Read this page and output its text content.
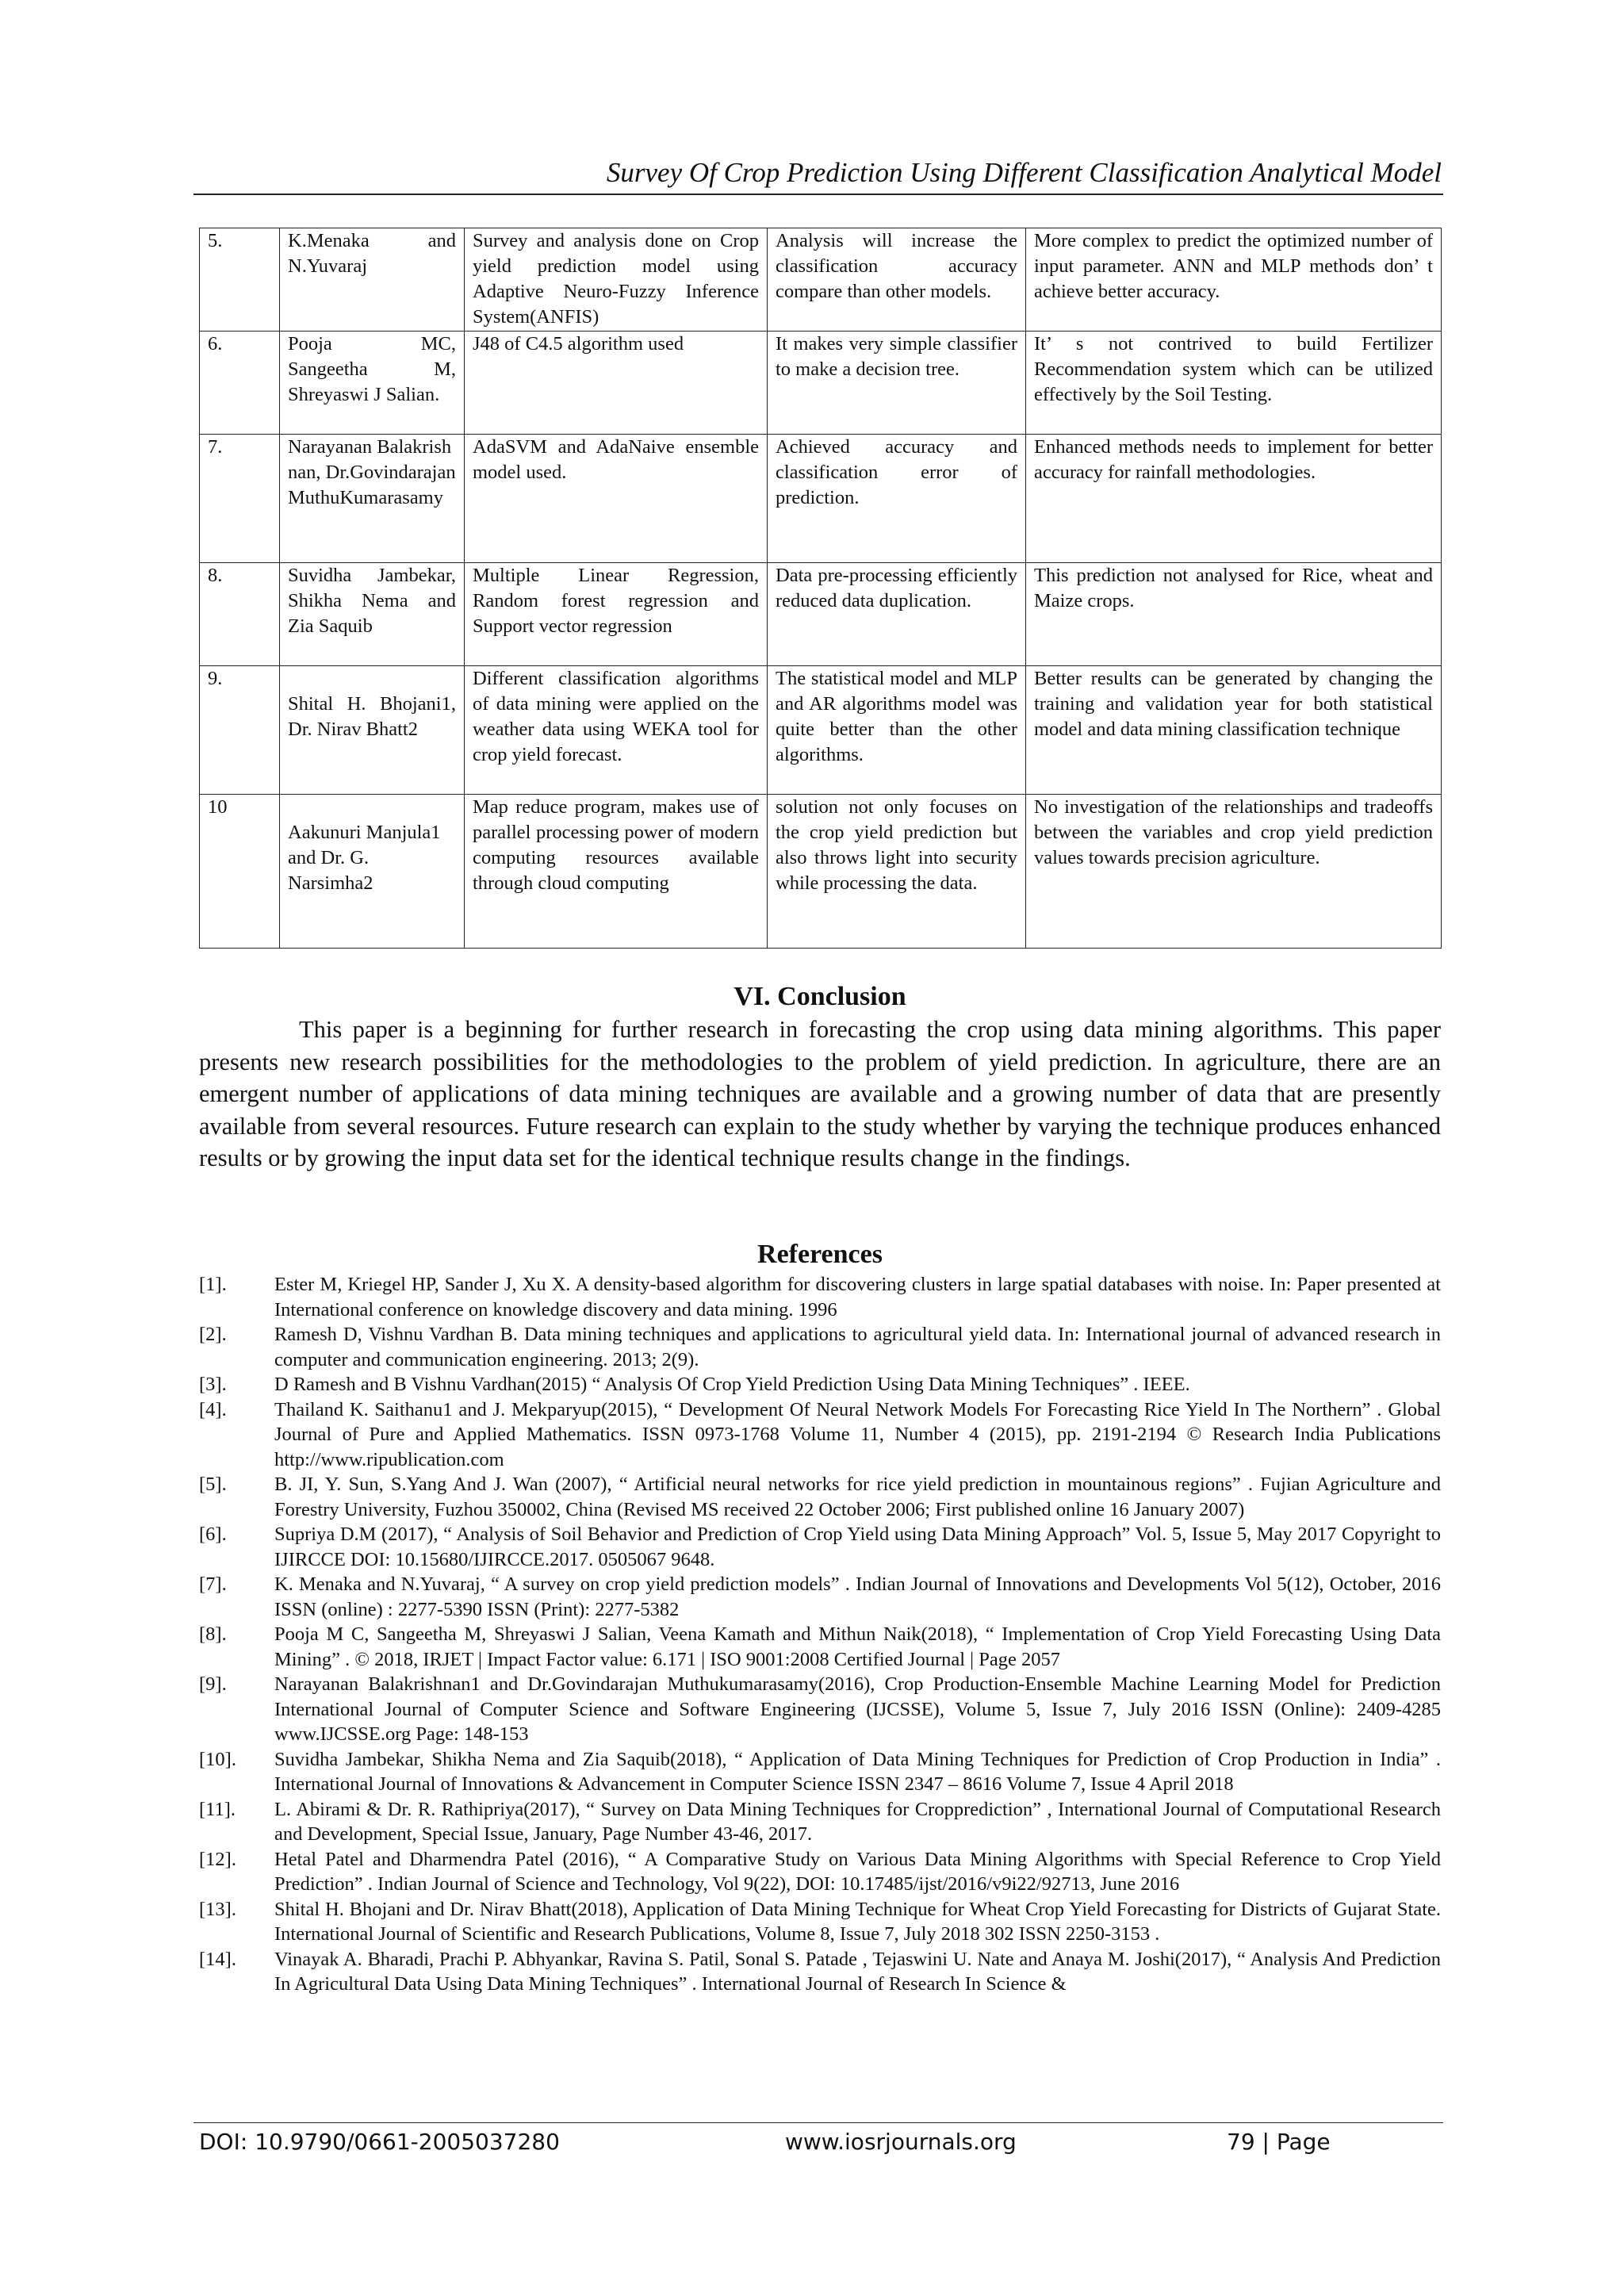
Survey Of Crop Prediction Using Different Classification Analytical Model
5.	K.Menaka and N.Yuvaraj	Survey and analysis done on Crop yield prediction model using Adaptive Neuro-Fuzzy Inference System(ANFIS)	Analysis will increase the classification accuracy compare than other models.	More complex to predict the optimized number of input parameter. ANN and MLP methods don’ t achieve better accuracy.
6.	Pooja MC, Sangeetha M, Shreyaswi J Salian.	J48 of C4.5 algorithm used	It makes very simple classifier to make a decision tree.	It’ s not contrived to build Fertilizer Recommendation system which can be utilized effectively by the Soil Testing.
7.	Narayanan Balakrishnan, Dr.Govindarajan MuthuKumarasamy	AdaSVM and AdaNaive ensemble model used.	Achieved accuracy and classification error of prediction.	Enhanced methods needs to implement for better accuracy for rainfall methodologies.
8.	Suvidha Jambekar, Shikha Nema and Zia Saquib	Multiple Linear Regression, Random forest regression and Support vector regression	Data pre-processing efficiently reduced data duplication.	This prediction not analysed for Rice, wheat and Maize crops.
9.	Shital H. Bhojani1, Dr. Nirav Bhatt2	Different classification algorithms of data mining were applied on the weather data using WEKA tool for crop yield forecast.	The statistical model and MLP and AR algorithms model was quite better than the other algorithms.	Better results can be generated by changing the training and validation year for both statistical model and data mining classification technique
10	Aakunuri Manjula1 and Dr. G. Narsimha2	Map reduce program, makes use of parallel processing power of modern computing resources available through cloud computing	solution not only focuses on the crop yield prediction but also throws light into security while processing the data.	No investigation of the relationships and tradeoffs between the variables and crop yield prediction values towards precision agriculture.
VI. Conclusion

This paper is a beginning for further research in forecasting the crop using data mining algorithms. This paper presents new research possibilities for the methodologies to the problem of yield prediction. In agriculture, there are an emergent number of applications of data mining techniques are available and a growing number of data that are presently available from several resources. Future research can explain to the study whether by varying the technique produces enhanced results or by growing the input data set for the identical technique results change in the findings.

References
[1]. Ester M, Kriegel HP, Sander J, Xu X. A density-based algorithm for discovering clusters in large spatial databases with noise. In: Paper presented at International conference on knowledge discovery and data mining. 1996
[2]. Ramesh D, Vishnu Vardhan B. Data mining techniques and applications to agricultural yield data. In: International journal of advanced research in computer and communication engineering. 2013; 2(9).
[3]. D Ramesh and B Vishnu Vardhan(2015) “ Analysis Of Crop Yield Prediction Using Data Mining Techniques” . IEEE.
[4]. Thailand K. Saithanu1 and J. Mekparyup(2015), “ Development Of Neural Network Models For Forecasting Rice Yield In The Northern” . Global Journal of Pure and Applied Mathematics. ISSN 0973-1768 Volume 11, Number 4 (2015), pp. 2191-2194 © Research India Publications http://www.ripublication.com
[5]. B. JI, Y. Sun, S.Yang And J. Wan (2007), “ Artificial neural networks for rice yield prediction in mountainous regions” . Fujian Agriculture and Forestry University, Fuzhou 350002, China (Revised MS received 22 October 2006; First published online 16 January 2007)
[6]. Supriya D.M (2017), “ Analysis of Soil Behavior and Prediction of Crop Yield using Data Mining Approach” Vol. 5, Issue 5, May 2017 Copyright to IJIRCCE DOI: 10.15680/IJIRCCE.2017. 0505067 9648.
[7]. K. Menaka and N.Yuvaraj, “ A survey on crop yield prediction models” . Indian Journal of Innovations and Developments Vol 5(12), October, 2016 ISSN (online) : 2277-5390 ISSN (Print): 2277-5382
[8]. Pooja M C, Sangeetha M, Shreyaswi J Salian, Veena Kamath and Mithun Naik(2018), “ Implementation of Crop Yield Forecasting Using Data Mining” . © 2018, IRJET | Impact Factor value: 6.171 | ISO 9001:2008 Certified Journal | Page 2057
[9]. Narayanan Balakrishnan1 and Dr.Govindarajan Muthukumarasamy(2016), Crop Production-Ensemble Machine Learning Model for Prediction International Journal of Computer Science and Software Engineering (IJCSSE), Volume 5, Issue 7, July 2016 ISSN (Online): 2409-4285 www.IJCSSE.org Page: 148-153
[10]. Suvidha Jambekar, Shikha Nema and Zia Saquib(2018), “ Application of Data Mining Techniques for Prediction of Crop Production in India” . International Journal of Innovations & Advancement in Computer Science ISSN 2347 – 8616 Volume 7, Issue 4 April 2018
[11]. L. Abirami & Dr. R. Rathipriya(2017), “ Survey on Data Mining Techniques for Cropprediction” , International Journal of Computational Research and Development, Special Issue, January, Page Number 43-46, 2017.
[12]. Hetal Patel and Dharmendra Patel (2016), “ A Comparative Study on Various Data Mining Algorithms with Special Reference to Crop Yield Prediction” . Indian Journal of Science and Technology, Vol 9(22), DOI: 10.17485/ijst/2016/v9i22/92713, June 2016
[13]. Shital H. Bhojani and Dr. Nirav Bhatt(2018), Application of Data Mining Technique for Wheat Crop Yield Forecasting for Districts of Gujarat State. International Journal of Scientific and Research Publications, Volume 8, Issue 7, July 2018 302 ISSN 2250-3153 .
[14]. Vinayak A. Bharadi, Prachi P. Abhyankar, Ravina S. Patil, Sonal S. Patade , Tejaswini U. Nate and Anaya M. Joshi(2017), “ Analysis And Prediction In Agricultural Data Using Data Mining Techniques” . International Journal of Research In Science &
DOI: 10.9790/0661-2005037280	www.iosrjournals.org	79 | Page
